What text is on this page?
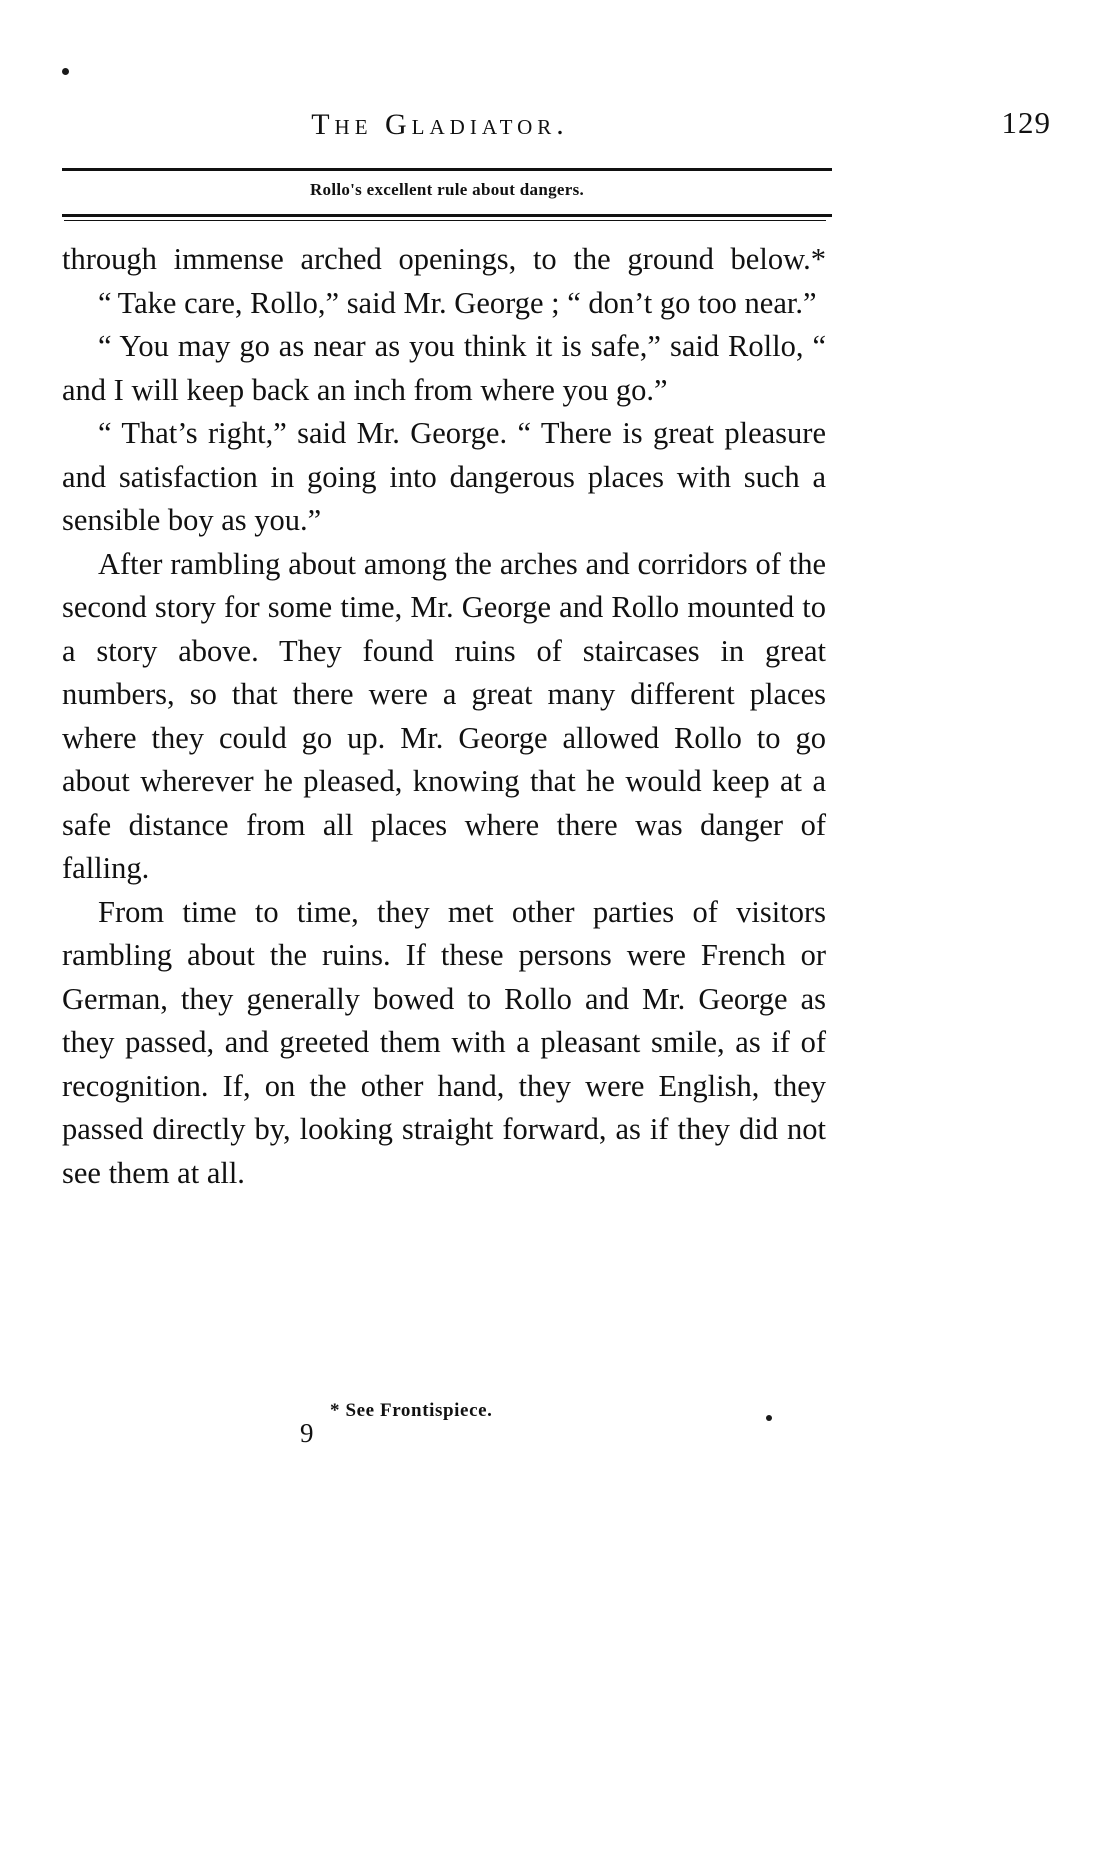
The Gladiator.	129
Rollo's excellent rule about dangers.

through immense arched openings, to the ground below.*

“ Take care, Rollo,” said Mr. George ; “ don’t go too near.”

“ You may go as near as you think it is safe,” said Rollo, “ and I will keep back an inch from where you go.”

“ That’s right,” said Mr. George. “ There is great pleasure and satisfaction in going into dangerous places with such a sensible boy as you.”

After rambling about among the arches and corridors of the second story for some time, Mr. George and Rollo mounted to a story above. They found ruins of staircases in great numbers, so that there were a great many different places where they could go up. Mr. George allowed Rollo to go about wherever he pleased, knowing that he would keep at a safe distance from all places where there was danger of falling.

From time to time, they met other parties of visitors rambling about the ruins. If these persons were French or German, they generally bowed to Rollo and Mr. George as they passed, and greeted them with a pleasant smile, as if of recognition. If, on the other hand, they were English, they passed directly by, looking straight forward, as if they did not see them at all.

9
* See Frontispiece.
